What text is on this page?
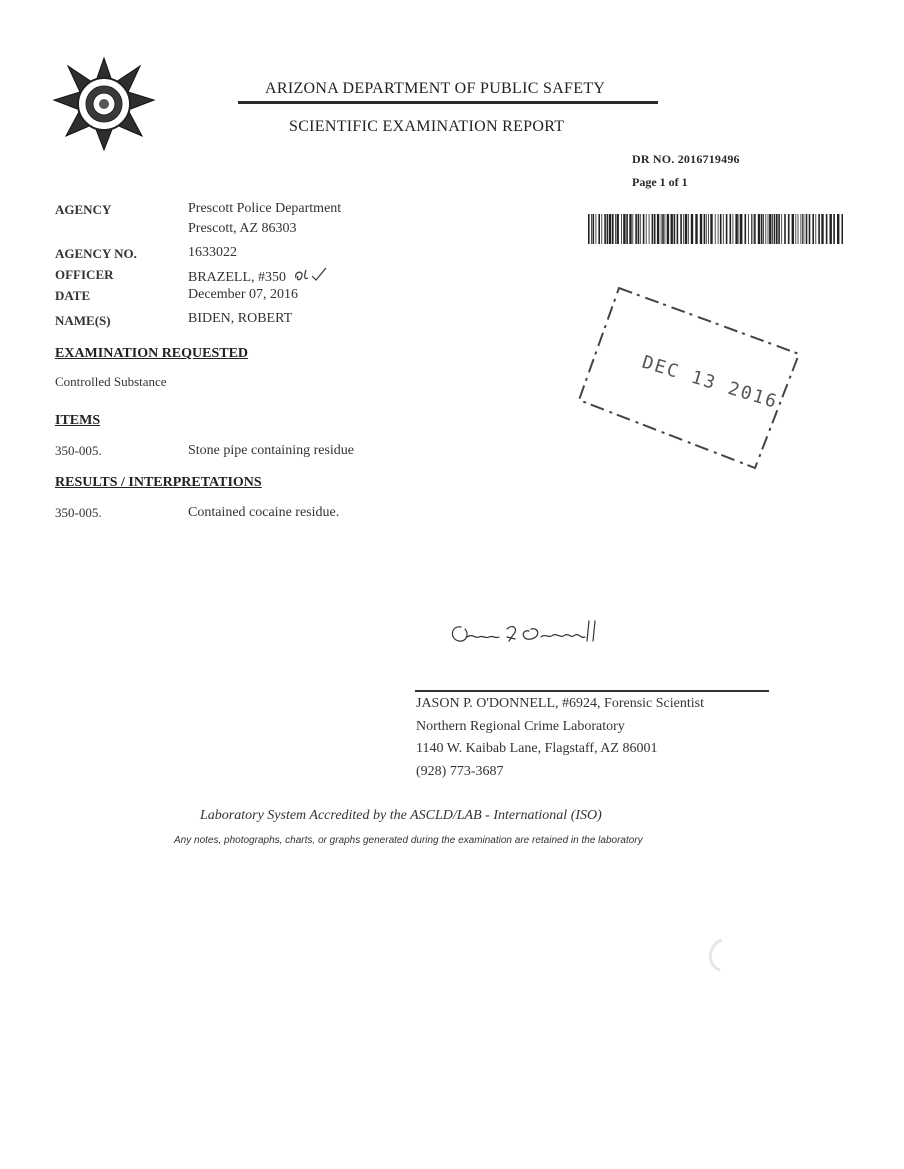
ARIZONA DEPARTMENT OF PUBLIC SAFETY
SCIENTIFIC EXAMINATION REPORT
DR NO. 2016719496
Page 1 of 1
AGENCY	Prescott Police Department
Prescott, AZ 86303
AGENCY NO.	1633022
OFFICER	BRAZELL, #350
DATE	December 07, 2016
NAME(S)	BIDEN, ROBERT
EXAMINATION REQUESTED
Controlled Substance
ITEMS
350-005.	Stone pipe containing residue
RESULTS / INTERPRETATIONS
350-005.	Contained cocaine residue.
DEC 13 2016
JASON P. O'DONNELL, #6924, Forensic Scientist
Northern Regional Crime Laboratory
1140 W. Kaibab Lane, Flagstaff, AZ 86001
(928) 773-3687
Laboratory System Accredited by the ASCLD/LAB - International (ISO)
Any notes, photographs, charts, or graphs generated during the examination are retained in the laboratory
